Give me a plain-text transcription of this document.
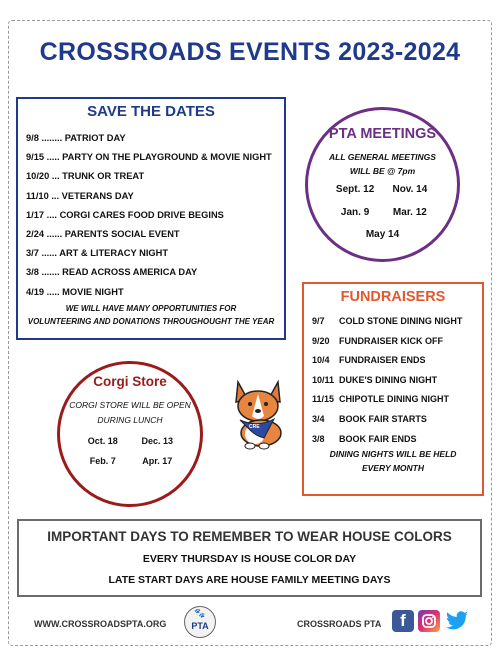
CROSSROADS EVENTS 2023-2024
SAVE THE DATES
9/8 ........ PATRIOT DAY
9/15 ..... PARTY ON THE PLAYGROUND & MOVIE NIGHT
10/20 ... TRUNK OR TREAT
11/10 ... VETERANS DAY
1/17 .... CORGI CARES FOOD DRIVE BEGINS
2/24 ...... PARENTS SOCIAL EVENT
3/7 ...... ART & LITERACY NIGHT
3/8 ....... READ ACROSS AMERICA DAY
4/19 ..... MOVIE NIGHT
WE WILL HAVE MANY OPPORTUNITIES FOR
VOLUNTEERING AND DONATIONS THROUGHOUGHT THE YEAR
PTA MEETINGS
ALL GENERAL MEETINGS
WILL BE @ 7pm
Sept. 12 Nov. 14
Jan. 9 Mar. 12
May 14
FUNDRAISERS
9/7 COLD STONE DINING NIGHT
9/20 FUNDRAISER KICK OFF
10/4 FUNDRAISER ENDS
10/11 DUKE'S DINING NIGHT
11/15 CHIPOTLE DINING NIGHT
3/4 BOOK FAIR STARTS
3/8 BOOK FAIR ENDS
DINING NIGHTS WILL BE HELD
EVERY MONTH
Corgi Store
CORGI STORE WILL BE OPEN
DURING LUNCH
Oct. 18	Dec. 13
Feb. 7	Apr. 17
CRE
IMPORTANT DAYS TO REMEMBER TO WEAR HOUSE COLORS
EVERY THURSDAY IS HOUSE COLOR DAY
LATE START DAYS ARE HOUSE FAMILY MEETING DAYS
WWW.CROSSROADSPTA.ORG
🐾
PTA	CROSSROADS PTA	f
